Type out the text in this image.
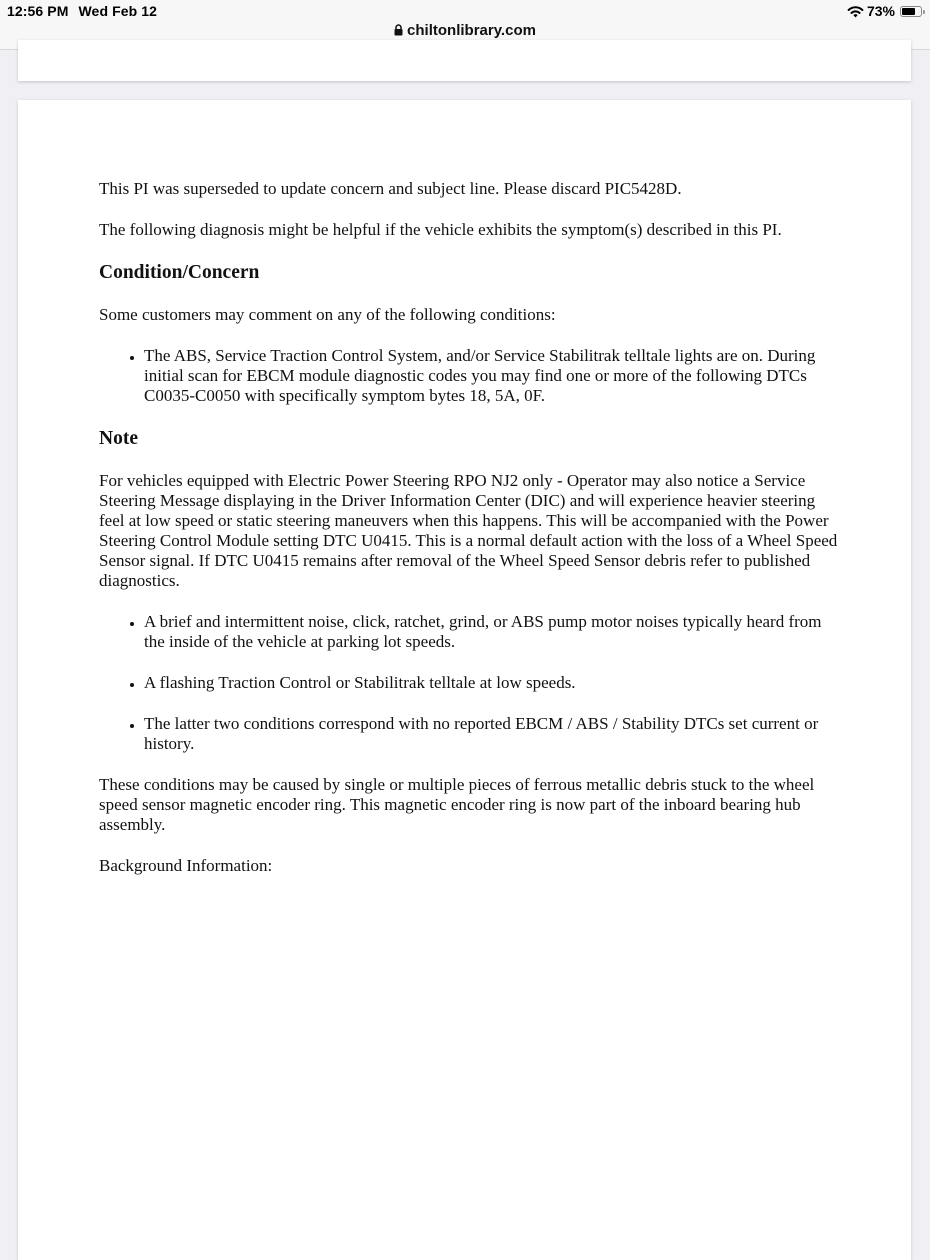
12:56 PM Wed Feb 12	73%
chiltonlibrary.com

This PI was superseded to update concern and subject line. Please discard PIC5428D.

The following diagnosis might be helpful if the vehicle exhibits the symptom(s) described in this PI.

Condition/Concern

Some customers may comment on any of the following conditions:

• The ABS, Service Traction Control System, and/or Service Stabilitrak telltale lights are on. During initial scan for EBCM module diagnostic codes you may find one or more of the following DTCs C0035-C0050 with specifically symptom bytes 18, 5A, 0F.
Note

For vehicles equipped with Electric Power Steering RPO NJ2 only - Operator may also notice a Service Steering Message displaying in the Driver Information Center (DIC) and will experience heavier steering feel at low speed or static steering maneuvers when this happens. This will be accompanied with the Power Steering Control Module setting DTC U0415. This is a normal default action with the loss of a Wheel Speed Sensor signal. If DTC U0415 remains after removal of the Wheel Speed Sensor debris refer to published diagnostics.

• A brief and intermittent noise, click, ratchet, grind, or ABS pump motor noises typically heard from the inside of the vehicle at parking lot speeds.
• A flashing Traction Control or Stabilitrak telltale at low speeds.
• The latter two conditions correspond with no reported EBCM / ABS / Stability DTCs set current or history.

These conditions may be caused by single or multiple pieces of ferrous metallic debris stuck to the wheel speed sensor magnetic encoder ring. This magnetic encoder ring is now part of the inboard bearing hub assembly.

Background Information:
